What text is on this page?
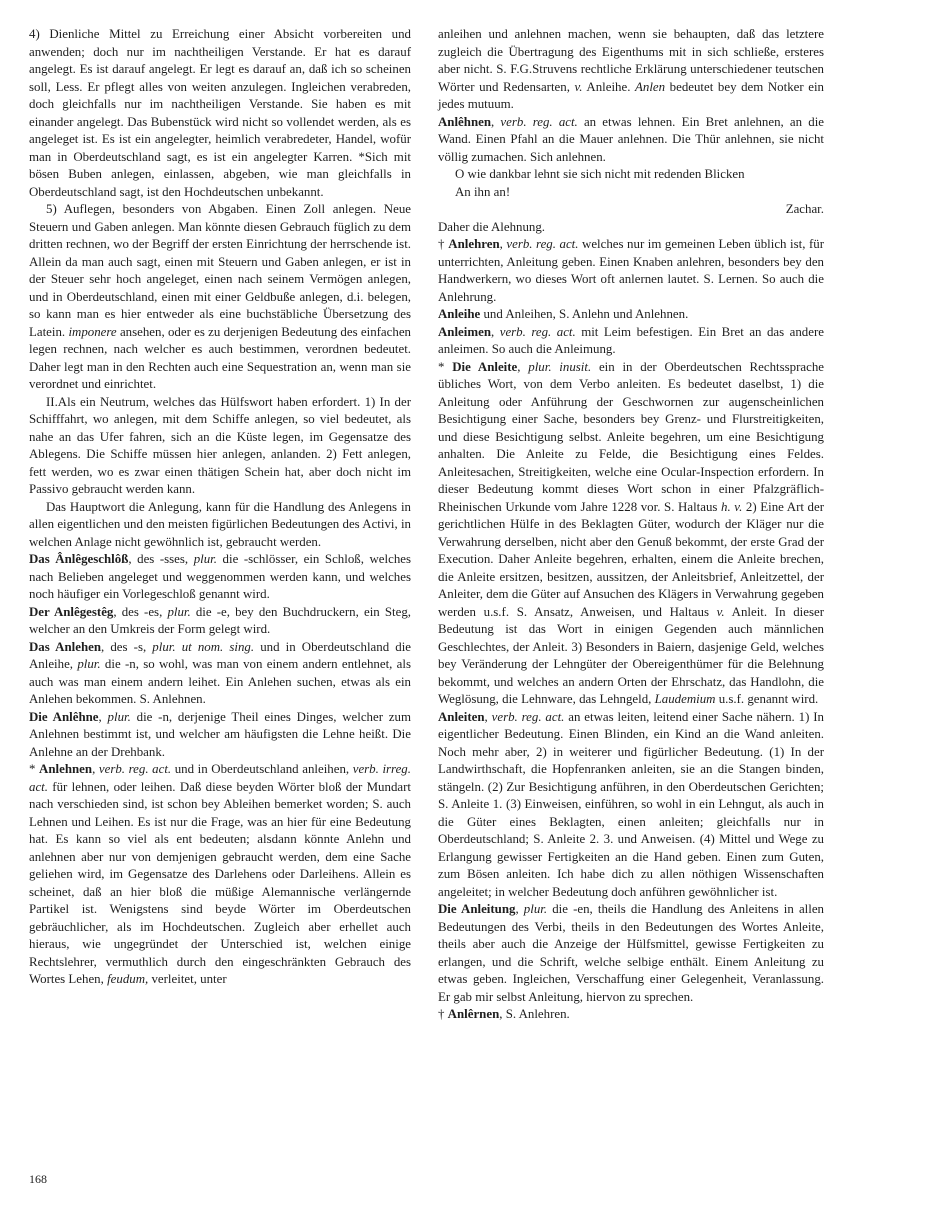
4) Dienliche Mittel zu Erreichung einer Absicht vorbereiten und anwenden; doch nur im nachtheiligen Verstande. Er hat es darauf angelegt. Es ist darauf angelegt. Er legt es darauf an, daß ich so scheinen soll, Less. Er pflegt alles von weiten anzulegen. Ingleichen verabreden, doch gleichfalls nur im nachtheiligen Verstande. Sie haben es mit einander angelegt. Das Bubenstück wird nicht so vollendet werden, als es angeleget ist. Es ist ein angelegter, heimlich verabredeter, Handel, wofür man in Oberdeutschland sagt, es ist ein angelegter Karren. *Sich mit bösen Buben anlegen, einlassen, abgeben, wie man gleichfalls in Oberdeutschland sagt, ist den Hochdeutschen unbekannt.

5) Auflegen, besonders von Abgaben. Einen Zoll anlegen. Neue Steuern und Gaben anlegen. Man könnte diesen Gebrauch füglich zu dem dritten rechnen, wo der Begriff der ersten Einrichtung der herrschende ist. Allein da man auch sagt, einen mit Steuern und Gaben anlegen, er ist in der Steuer sehr hoch angeleget, einen nach seinem Vermögen anlegen, und in Oberdeutschland, einen mit einer Geldbuße anlegen, d.i. belegen, so kann man es hier entweder als eine buchstäbliche Übersetzung des Latein. imponere ansehen, oder es zu derjenigen Bedeutung des einfachen legen rechnen, nach welcher es auch bestimmen, verordnen bedeutet. Daher legt man in den Rechten auch eine Sequestration an, wenn man sie verordnet und einrichtet.

II.Als ein Neutrum, welches das Hülfswort haben erfordert. 1) In der Schifffahrt, wo anlegen, mit dem Schiffe anlegen, so viel bedeutet, als nahe an das Ufer fahren, sich an die Küste legen, im Gegensatze des Ablegens. Die Schiffe müssen hier anlegen, anlanden. 2) Fett anlegen, fett werden, wo es zwar einen thätigen Schein hat, aber doch nicht im Passivo gebraucht werden kann.

Das Hauptwort die Anlegung, kann für die Handlung des Anlegens in allen eigentlichen und den meisten figürlichen Bedeutungen des Activi, in welchen Anlage nicht gewöhnlich ist, gebraucht werden.

Das Ânlêgeschlôß, des -sses, plur. die -schlösser, ein Schloß, welches nach Belieben angeleget und weggenommen werden kann, und welches noch häufiger ein Vorlegeschloß genannt wird.

Der Anlêgestêg, des -es, plur. die -e, bey den Buchdruckern, ein Steg, welcher an den Umkreis der Form gelegt wird.

Das Anlehen, des -s, plur. ut nom. sing. und in Oberdeutschland die Anleihe, plur. die -n, so wohl, was man von einem andern entlehnet, als auch was man einem andern leihet. Ein Anlehen suchen, etwas als ein Anlehen bekommen. S. Anlehnen.

Die Anlêhne, plur. die -n, derjenige Theil eines Dinges, welcher zum Anlehnen bestimmt ist, und welcher am häufigsten die Lehne heißt. Die Anlehne an der Drehbank.

* Anlehnen, verb. reg. act. und in Oberdeutschland anleihen, verb. irreg. act. für lehnen, oder leihen. Daß diese beyden Wörter bloß der Mundart nach verschieden sind, ist schon bey Ableihen bemerket worden; S. auch Lehnen und Leihen. Es ist nur die Frage, was an hier für eine Bedeutung hat. Es kann so viel als ent bedeuten; alsdann könnte Anlehn und anlehnen aber nur von demjenigen gebraucht werden, dem eine Sache geliehen wird, im Gegensatze des Darlehens oder Darleihens. Allein es scheinet, daß an hier bloß die müßige Alemannische verlängernde Partikel ist. Wenigstens sind beyde Wörter im Oberdeutschen gebräuchlicher, als im Hochdeutschen. Zugleich aber erhellet auch hieraus, wie ungegründet der Unterschied ist, welchen einige Rechtslehrer, vermuthlich durch den eingeschränkten Gebrauch des Wortes Lehen, feudum, verleitet, unter

anleihen und anlehnen machen, wenn sie behaupten, daß das letztere zugleich die Übertragung des Eigenthums mit in sich schließe, ersteres aber nicht. S. F.G.Struvens rechtliche Erklärung unterschiedener teutschen Wörter und Redensarten, v. Anleihe. Anlen bedeutet bey dem Notker ein jedes mutuum.

Anlêhnen, verb. reg. act. an etwas lehnen. Ein Bret anlehnen, an die Wand. Einen Pfahl an die Mauer anlehnen. Die Thür anlehnen, sie nicht völlig zumachen. Sich anlehnen.

O wie dankbar lehnt sie sich nicht mit redenden Blicken

An ihn an!

Zachar.

Daher die Alehnung.

† Anlehren, verb. reg. act. welches nur im gemeinen Leben üblich ist, für unterrichten, Anleitung geben. Einen Knaben anlehren, besonders bey den Handwerkern, wo dieses Wort oft anlernen lautet. S. Lernen. So auch die Anlehrung.

Anleihe und Anleihen, S. Anlehn und Anlehnen.

Anleimen, verb. reg. act. mit Leim befestigen. Ein Bret an das andere anleimen. So auch die Anleimung.

* Die Anleite, plur. inusit. ein in der Oberdeutschen Rechtssprache übliches Wort, von dem Verbo anleiten. Es bedeutet daselbst, 1) die Anleitung oder Anführung der Geschwornen zur augenscheinlichen Besichtigung einer Sache, besonders bey Grenz- und Flurstreitigkeiten, und diese Besichtigung selbst. Anleite begehren, um eine Besichtigung anhalten. Die Anleite zu Felde, die Besichtigung eines Feldes. Anleitesachen, Streitigkeiten, welche eine Ocular-Inspection erfordern. In dieser Bedeutung kommt dieses Wort schon in einer Pfalzgräflich-Rheinischen Urkunde vom Jahre 1228 vor. S. Haltaus h. v. 2) Eine Art der gerichtlichen Hülfe in des Beklagten Güter, wodurch der Kläger nur die Verwahrung derselben, nicht aber den Genuß bekommt, der erste Grad der Execution. Daher Anleite begehren, erhalten, einem die Anleite brechen, die Anleite ersitzen, besitzen, aussitzen, der Anleitsbrief, Anleitzettel, der Anleiter, dem die Güter auf Ansuchen des Klägers in Verwahrung gegeben werden u.s.f. S. Ansatz, Anweisen, und Haltaus v. Anleit. In dieser Bedeutung ist das Wort in einigen Gegenden auch männlichen Geschlechtes, der Anleit. 3) Besonders in Baiern, dasjenige Geld, welches bey Veränderung der Lehngüter der Obereigenthümer für die Belehnung bekommt, und welches an andern Orten der Ehrschatz, das Handlohn, die Weglösung, die Lehnware, das Lehngeld, Laudemium u.s.f. genannt wird.

Anleiten, verb. reg. act. an etwas leiten, leitend einer Sache nähern. 1) In eigentlicher Bedeutung. Einen Blinden, ein Kind an die Wand anleiten. Noch mehr aber, 2) in weiterer und figürlicher Bedeutung. (1) In der Landwirthschaft, die Hopfenranken anleiten, sie an die Stangen binden, stängeln. (2) Zur Besichtigung anführen, in den Oberdeutschen Gerichten; S. Anleite 1. (3) Einweisen, einführen, so wohl in ein Lehngut, als auch in die Güter eines Beklagten, einen anleiten; gleichfalls nur in Oberdeutschland; S. Anleite 2. 3. und Anweisen. (4) Mittel und Wege zu Erlangung gewisser Fertigkeiten an die Hand geben. Einen zum Guten, zum Bösen anleiten. Ich habe dich zu allen nöthigen Wissenschaften angeleitet; in welcher Bedeutung doch anführen gewöhnlicher ist.

Die Anleitung, plur. die -en, theils die Handlung des Anleitens in allen Bedeutungen des Verbi, theils in den Bedeutungen des Wortes Anleite, theils aber auch die Anzeige der Hülfsmittel, gewisse Fertigkeiten zu erlangen, und die Schrift, welche selbige enthält. Einem Anleitung zu etwas geben. Ingleichen, Verschaffung einer Gelegenheit, Veranlassung. Er gab mir selbst Anleitung, hiervon zu sprechen.

† Anlêrnen, S. Anlehren.

168
